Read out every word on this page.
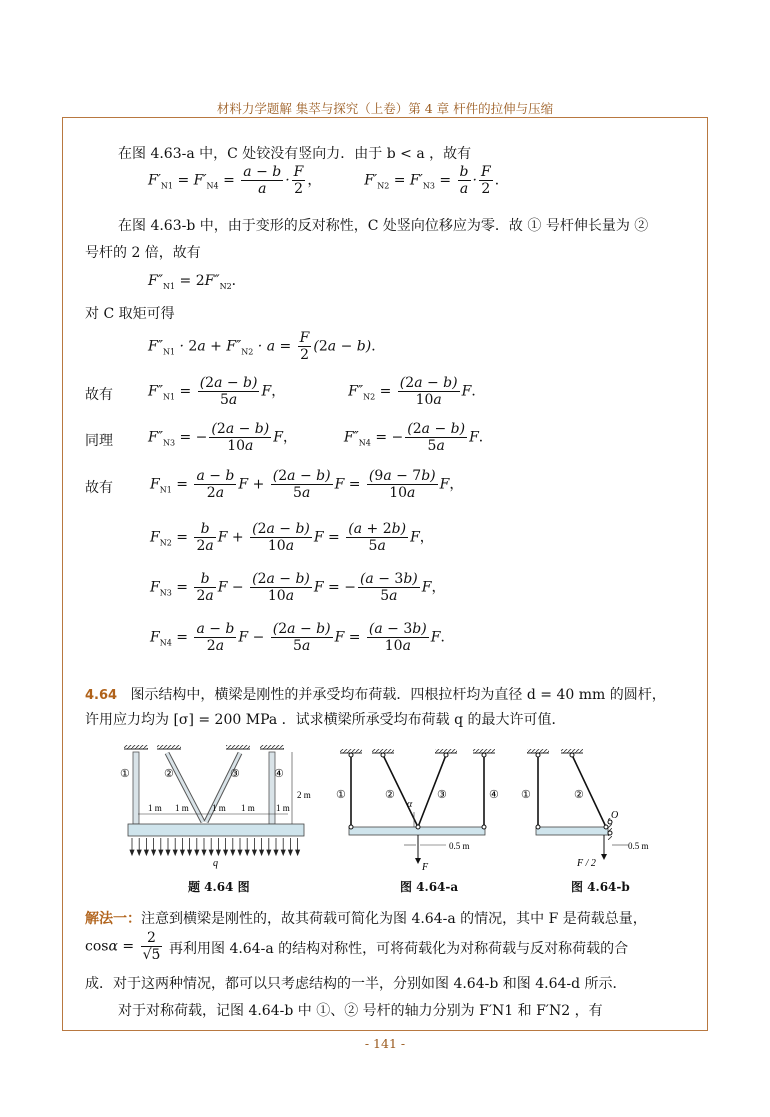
材料力学题解 集萃与探究（上卷）第 4 章 杆件的拉伸与压缩
在图 4.63-a 中，C 处铰没有竖向力．由于 b < a ，故有
$F'_{N1} = F'_{N4} = \frac{a - b}{a} \cdot \frac{F}{2}$ ，	$F'_{N2} = F'_{N3} = \frac{b}{a} \cdot \frac{F}{2}$ ．
在图 4.63-b 中，由于变形的反对称性，C 处竖向位移应为零．故 ① 号杆伸长量为 ②
号杆的 2 倍，故有
$F''_{N1} = 2F''_{N2}$．
对 C 取矩可得
$F''_{N1} \cdot 2a + F''_{N2} \cdot a = \frac{F}{2} (2a - b)$．
故有	$F''_{N1} = \frac{(2a - b)}{5a}$ F，	$F''_{N2} = \frac{(2a - b)}{10a}$ F．
同理	$F''_{N3}$ = − $\frac{(2a - b)}{10a}$ F，	$F''_{N4}$ = − $\frac{(2a - b)}{5a}$ F．
故有	$F_{N1} = \frac{a - b}{2a}$ $F + \frac{(2a - b)}{5a}$ $F = \frac{(9a - 7b)}{10a}$ F，
$F_{N2} = \frac{b}{2a}$ $F + \frac{(2a - b)}{10a}$ $F = \frac{(a + 2b)}{5a}$ F，
$F_{N3} = \frac{b}{2a}$ $F - \frac{(2a - b)}{10a}$ F = − $\frac{(a - 3b)}{5a}$ F，
$F_{N4} = \frac{a - b}{2a}$ $F - \frac{(2a - b)}{5a}$ $F = \frac{(a - 3b)}{10a}$ F．
4.64 图示结构中，横梁是刚性的并承受均布荷载．四根拉杆均为直径 d = 40 mm 的圆杆，
许用应力均为 [σ] = 200 MPa ．试求横梁所承受均布荷载 q 的最大许可值．
1 m 1 m	1 m 1 m 1 m
2 m
①	②	③	④
q
α
①	②	③	④
F
0.5 m
O
①	②
F / 2
0.5 m
题 4.64 图	图 4.64-a	图 4.64-b
解法一：注意到横梁是刚性的，故其荷载可简化为图 4.64-a 的情况，其中 F 是荷载总量，
$\cos\alpha = \frac{2}{√5}$
．再利用图 4.64-a 的结构对称性，可将荷载化为对称荷载与反对称荷载的合
成．对于这两种情况，都可以只考虑结构的一半，分别如图 4.64-b 和图 4.64-d 所示．
对于对称荷载，记图 4.64-b 中 ①、② 号杆的轴力分别为 F′N1 和 F′N2 ，有
- 141 -
